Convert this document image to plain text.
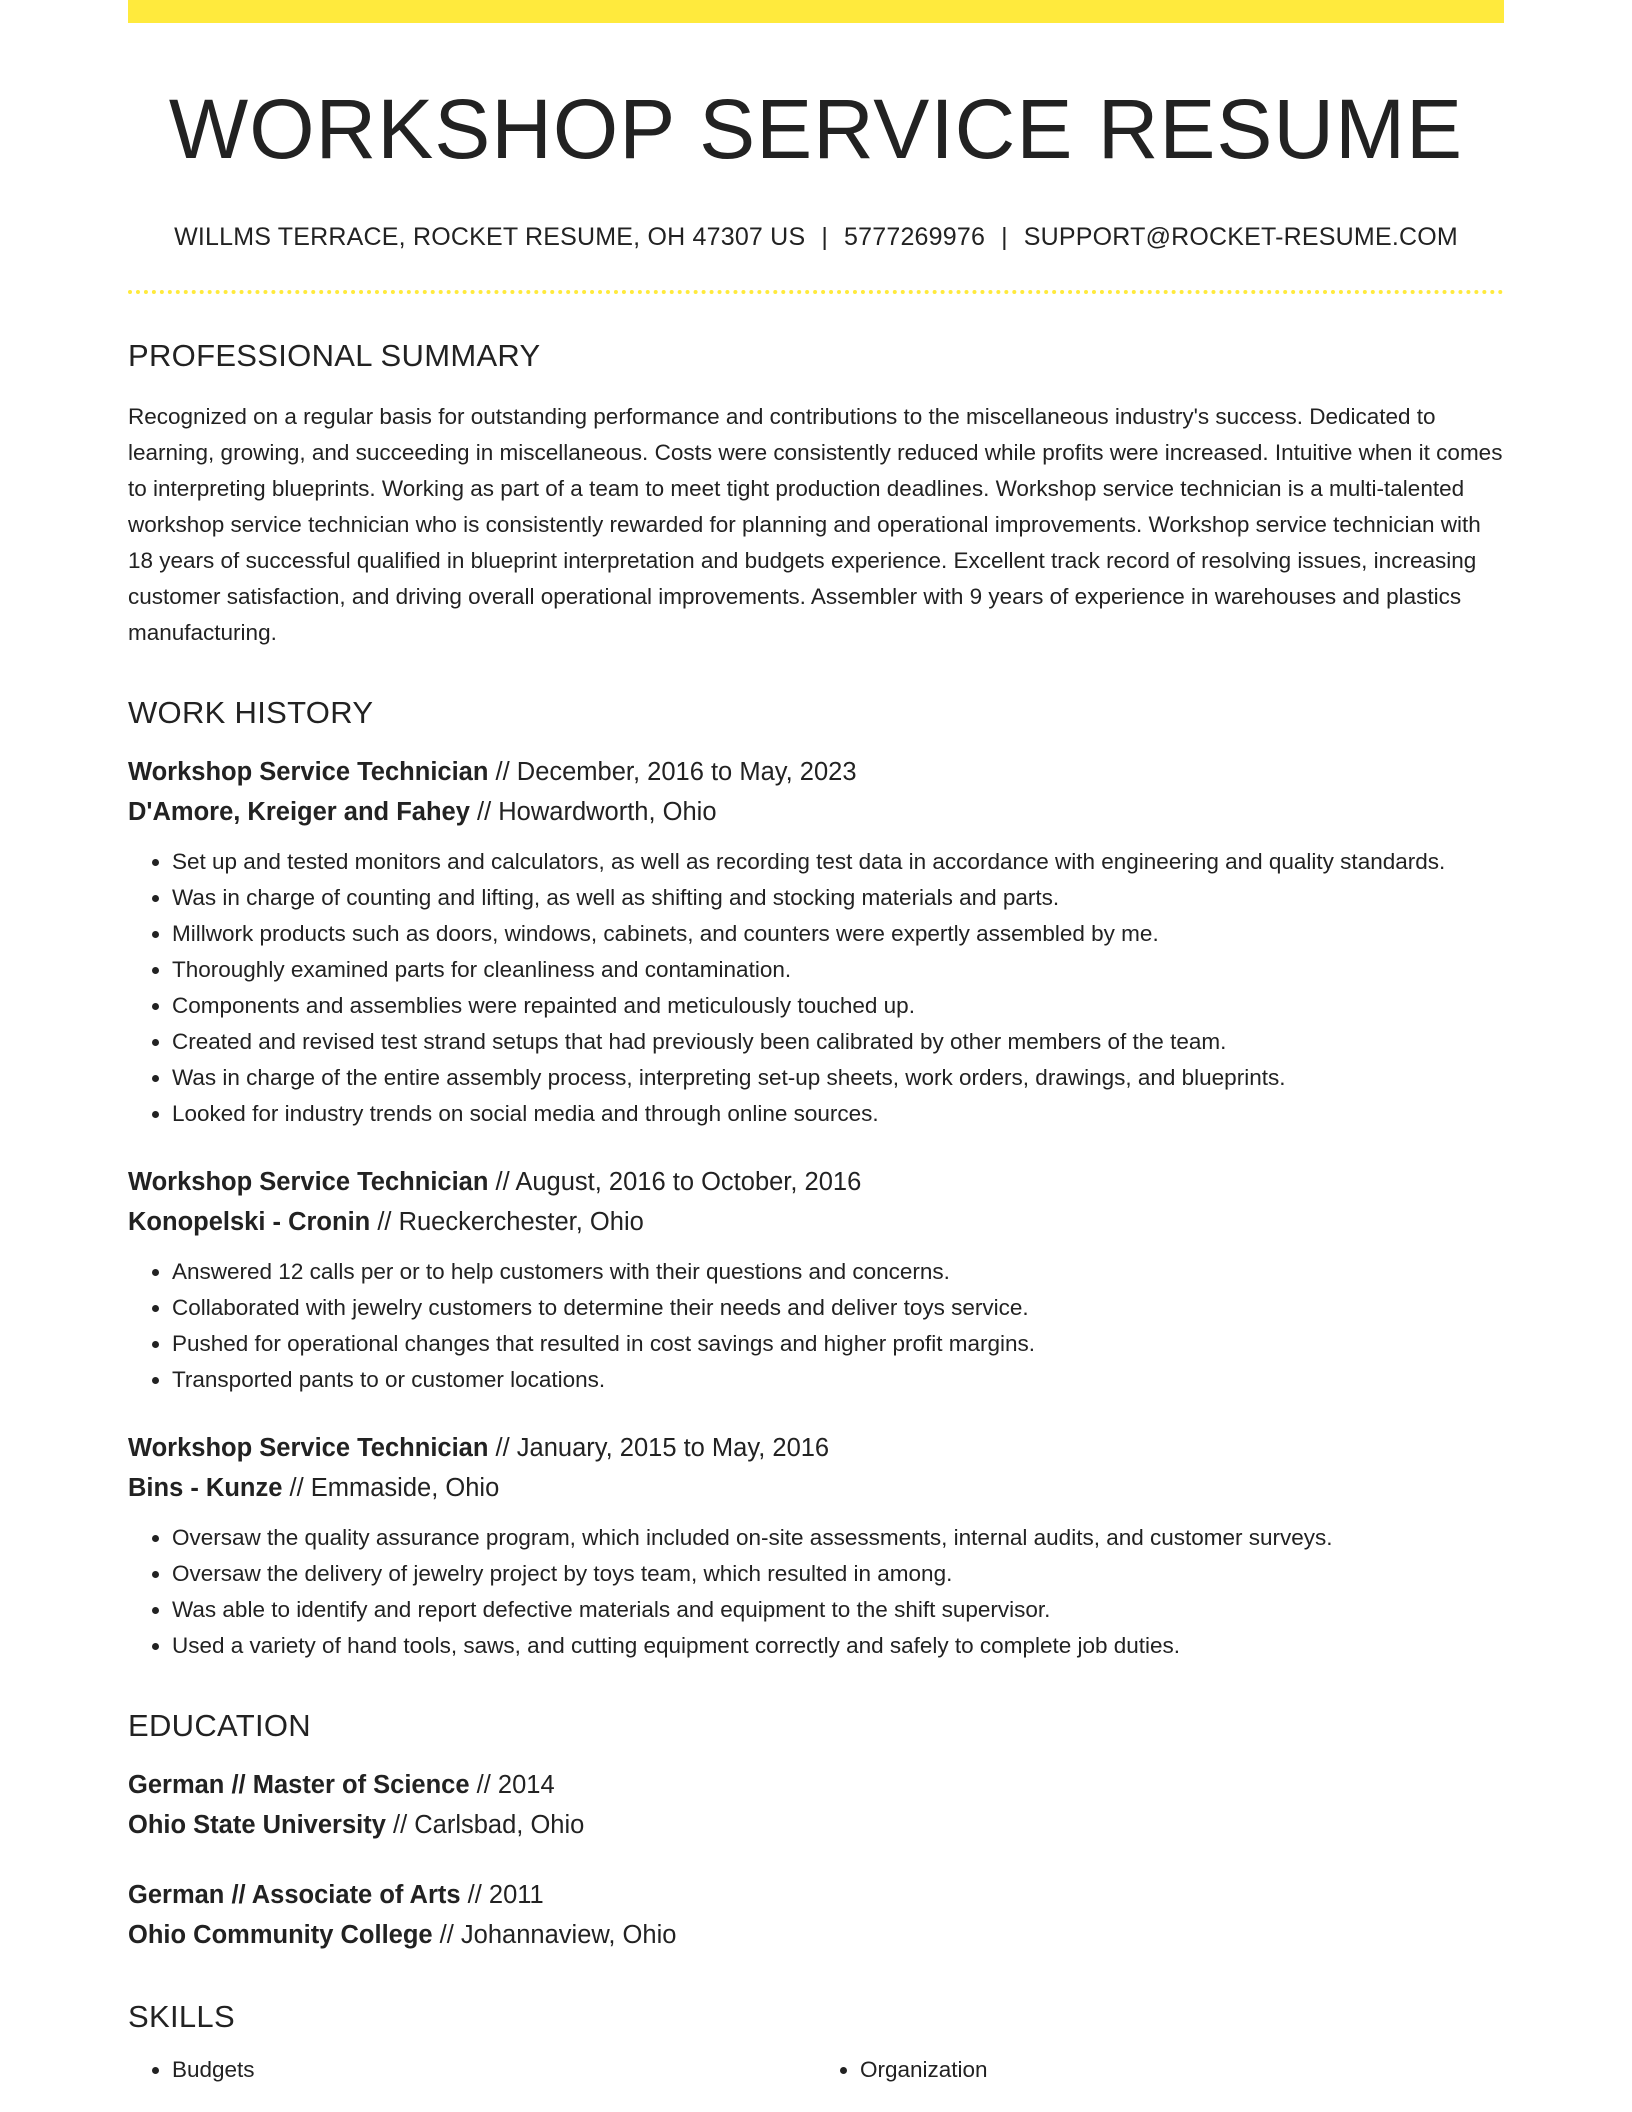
WORKSHOP SERVICE RESUME
WILLMS TERRACE, ROCKET RESUME, OH 47307 US | 5777269976 | SUPPORT@ROCKET-RESUME.COM
PROFESSIONAL SUMMARY

Recognized on a regular basis for outstanding performance and contributions to the miscellaneous industry's success. Dedicated to learning, growing, and succeeding in miscellaneous. Costs were consistently reduced while profits were increased. Intuitive when it comes to interpreting blueprints. Working as part of a team to meet tight production deadlines. Workshop service technician is a multi-talented workshop service technician who is consistently rewarded for planning and operational improvements. Workshop service technician with 18 years of successful qualified in blueprint interpretation and budgets experience. Excellent track record of resolving issues, increasing customer satisfaction, and driving overall operational improvements. Assembler with 9 years of experience in warehouses and plastics manufacturing.

WORK HISTORY
Workshop Service Technician // December, 2016 to May, 2023
D'Amore, Kreiger and Fahey // Howardworth, Ohio
• Set up and tested monitors and calculators, as well as recording test data in accordance with engineering and quality standards.
• Was in charge of counting and lifting, as well as shifting and stocking materials and parts.
• Millwork products such as doors, windows, cabinets, and counters were expertly assembled by me.
• Thoroughly examined parts for cleanliness and contamination.
• Components and assemblies were repainted and meticulously touched up.
• Created and revised test strand setups that had previously been calibrated by other members of the team.
• Was in charge of the entire assembly process, interpreting set-up sheets, work orders, drawings, and blueprints.
• Looked for industry trends on social media and through online sources.
Workshop Service Technician // August, 2016 to October, 2016
Konopelski - Cronin // Rueckerchester, Ohio
• Answered 12 calls per or to help customers with their questions and concerns.
• Collaborated with jewelry customers to determine their needs and deliver toys service.
• Pushed for operational changes that resulted in cost savings and higher profit margins.
• Transported pants to or customer locations.
Workshop Service Technician // January, 2015 to May, 2016
Bins - Kunze // Emmaside, Ohio
• Oversaw the quality assurance program, which included on-site assessments, internal audits, and customer surveys.
• Oversaw the delivery of jewelry project by toys team, which resulted in among.
• Was able to identify and report defective materials and equipment to the shift supervisor.
• Used a variety of hand tools, saws, and cutting equipment correctly and safely to complete job duties.
EDUCATION
German // Master of Science // 2014
Ohio State University // Carlsbad, Ohio
German // Associate of Arts // 2011
Ohio Community College // Johannaview, Ohio
SKILLS
• Budgets
•	Organization
